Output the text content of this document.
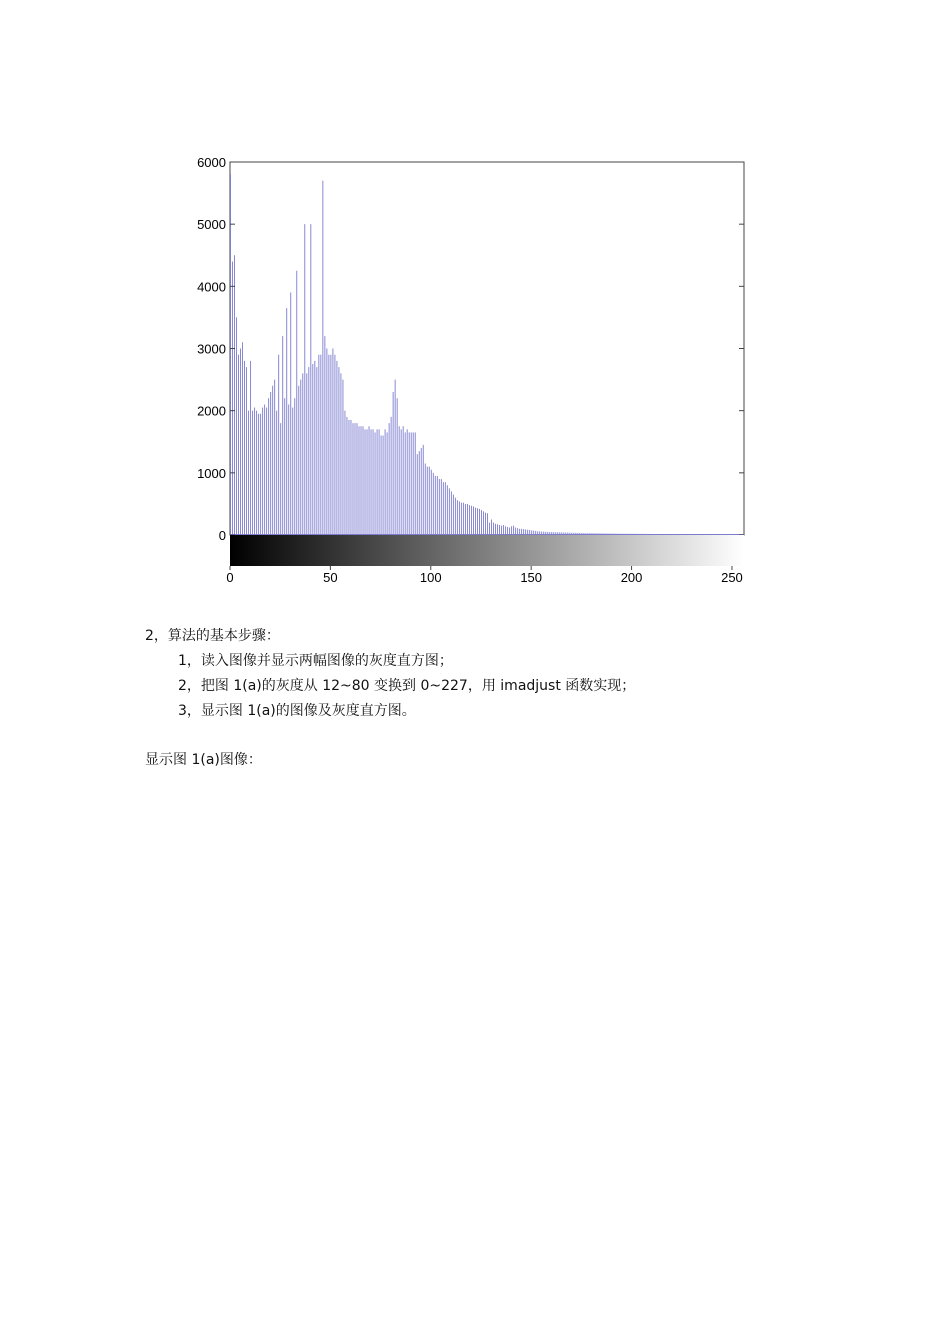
0
1000
2000
3000
4000
5000
6000
0	50	100	150	200	250
2，算法的基本步骤：
1，读入图像并显示两幅图像的灰度直方图；
2，把图 1(a)的灰度从 12~80 变换到 0~227，用 imadjust 函数实现；
3，显示图 1(a)的图像及灰度直方图。
显示图 1(a)图像：
